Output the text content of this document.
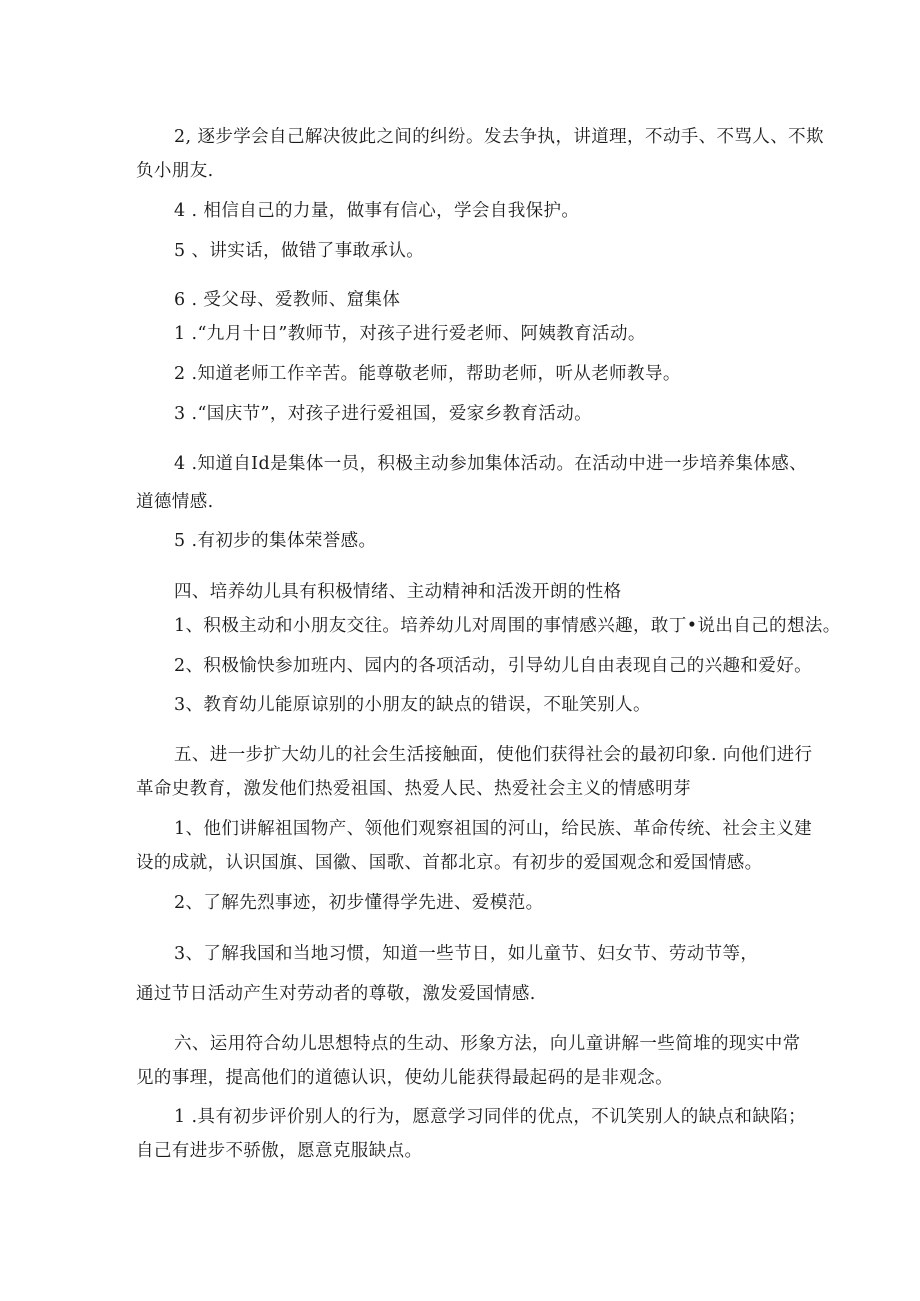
2, 逐步学会自己解决彼此之间的纠纷。发去争执，讲道理，不动手、不骂人、不欺
负小朋友.
4 . 相信自己的力量，做事有信心，学会自我保护。
5 、讲实话，做错了事敢承认。
6 . 受父母、爱教师、窟集体
1 .“九月十日”教师节，对孩子进行爱老师、阿姨教育活动。
2 .知道老师工作辛苦。能尊敬老师，帮助老师，听从老师教导。
3 .“国庆节”，对孩子进行爱祖国，爱家乡教育活动。
4 .知道自Id是集体一员，积极主动参加集体活动。在活动中进一步培养集体感、
道德情感.
5 .有初步的集体荣誉感。
四、培养幼儿具有积极情绪、主动精神和活泼开朗的性格
1、积极主动和小朋友交往。培养幼儿对周围的事情感兴趣，敢丁•说出自己的想法。
2、积极愉快参加班内、园内的各项活动，引导幼儿自由表现自己的兴趣和爱好。
3、教育幼儿能原谅别的小朋友的缺点的错误，不耻笑别人。
五、进一步扩大幼儿的社会生活接触面，使他们获得社会的最初印象. 向他们进行
革命史教育，激发他们热爱祖国、热爱人民、热爱社会主义的情感明芽
1、他们讲解祖国物产、领他们观察祖国的河山，给民族、革命传统、社会主义建
设的成就，认识国旗、国徽、国歌、首都北京。有初步的爱国观念和爱国情感。
2、了解先烈事迹，初步懂得学先进、爱模范。
3、了解我国和当地习惯，知道一些节日，如儿童节、妇女节、劳动节等，
通过节日活动产生对劳动者的尊敬，激发爱国情感.
六、运用符合幼儿思想特点的生动、形象方法，向儿童讲解一些简堆的现实中常
见的事理，提高他们的道德认识，使幼儿能获得最起码的是非观念。
1 .具有初步评价别人的行为，愿意学习同伴的优点，不讥笑别人的缺点和缺陷；
自己有进步不骄傲，愿意克服缺点。
